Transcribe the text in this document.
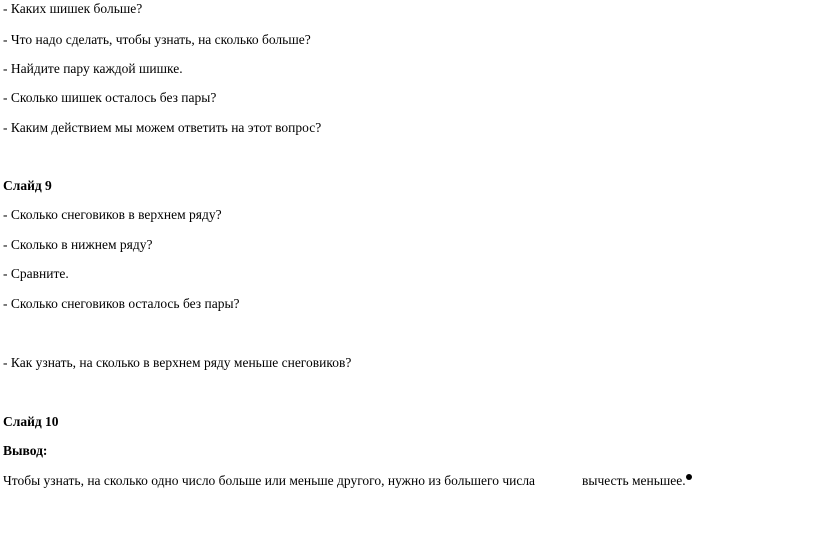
- Каких шишек больше?
- Что надо сделать, чтобы узнать, на сколько больше?
- Найдите пару каждой шишке.
- Сколько шишек осталось без пары?
- Каким действием мы можем ответить на этот вопрос?
Слайд 9
- Сколько снеговиков в верхнем ряду?
- Сколько в нижнем ряду?
- Сравните.
- Сколько снеговиков осталось без пары?
- Как узнать, на сколько в верхнем ряду меньше снеговиков?
Слайд 10
Вывод:
Чтобы узнать, на сколько одно число больше или меньше другого, нужно из большего числа	вычесть меньшее.
